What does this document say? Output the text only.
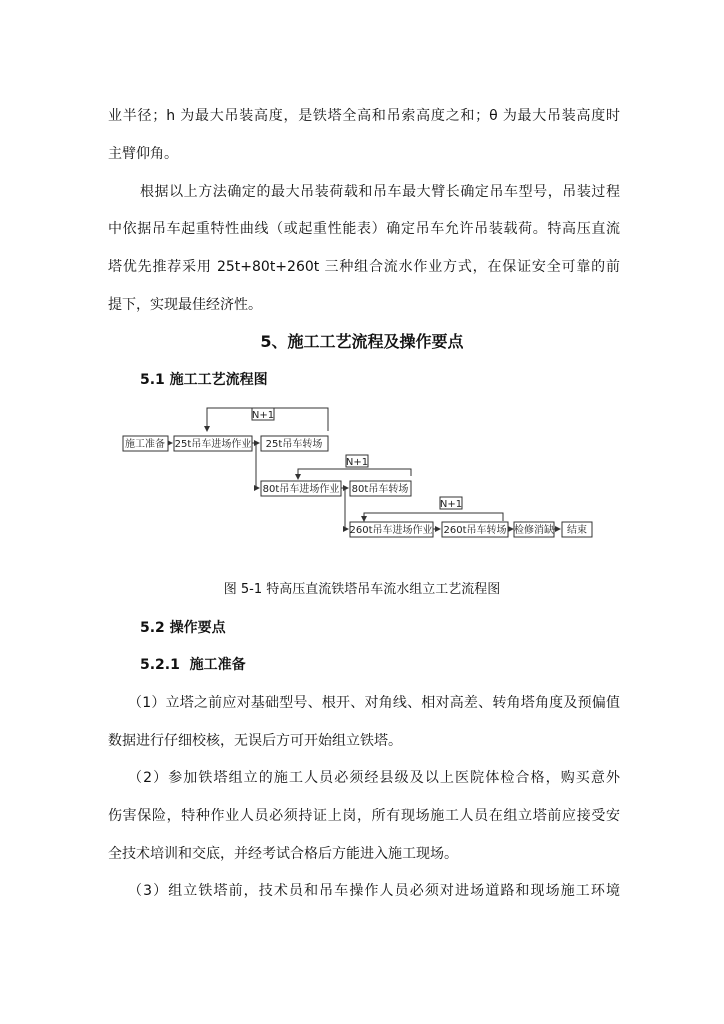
业半径；h 为最大吊装高度，是铁塔全高和吊索高度之和；θ 为最大吊装高度时
主臂仰角。
根据以上方法确定的最大吊装荷载和吊车最大臂长确定吊车型号，吊装过程
中依据吊车起重特性曲线（或起重性能表）确定吊车允许吊装载荷。特高压直流
塔优先推荐采用 25t+80t+260t 三种组合流水作业方式，在保证安全可靠的前
提下，实现最佳经济性。
5、施工工艺流程及操作要点
5.1 施工工艺流程图
N+1
N+1
N+1
施工准备 25t吊车进场作业 25t吊车转场
80t吊车进场作业 80t吊车转场
260t吊车进场作业 260t吊车转场 检修消缺 结束
图 5-1 特高压直流铁塔吊车流水组立工艺流程图
5.2 操作要点
5.2.1  施工准备
（1）立塔之前应对基础型号、根开、对角线、相对高差、转角塔角度及预偏值
数据进行仔细校核，无误后方可开始组立铁塔。
（2）参加铁塔组立的施工人员必须经县级及以上医院体检合格，购买意外
伤害保险，特种作业人员必须持证上岗，所有现场施工人员在组立塔前应接受安
全技术培训和交底，并经考试合格后方能进入施工现场。
（3）组立铁塔前，技术员和吊车操作人员必须对进场道路和现场施工环境
